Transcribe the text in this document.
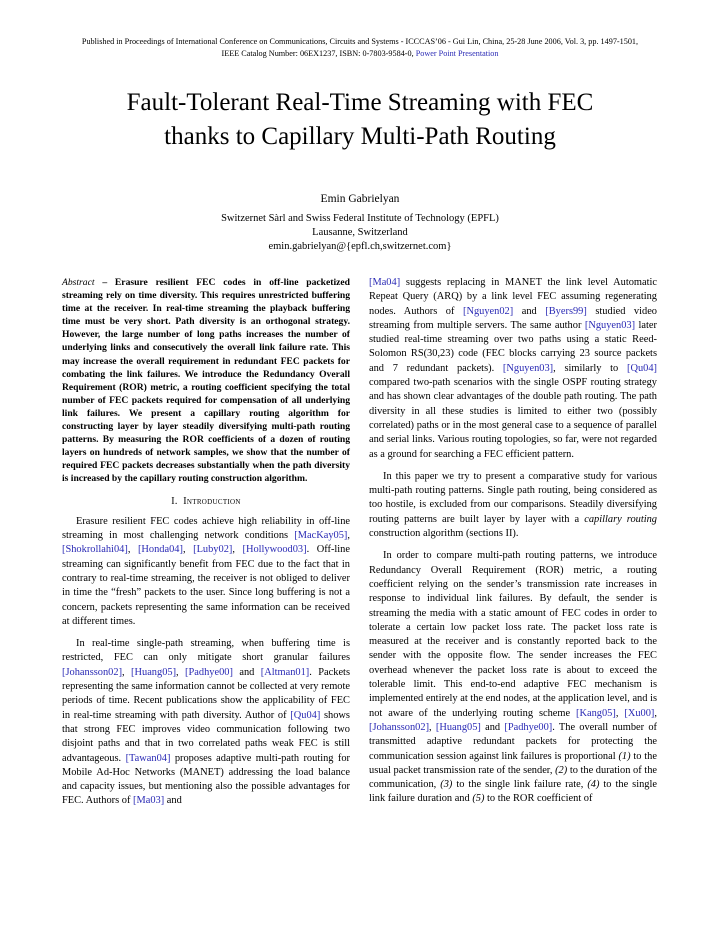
Published in Proceedings of International Conference on Communications, Circuits and Systems - ICCCAS’06 - Gui Lin, China, 25-28 June 2006, Vol. 3, pp. 1497-1501,
IEEE Catalog Number: 06EX1237, ISBN: 0-7803-9584-0, Power Point Presentation
Fault-Tolerant Real-Time Streaming with FEC
thanks to Capillary Multi-Path Routing
Emin Gabrielyan
Switzernet Sàrl and Swiss Federal Institute of Technology (EPFL)
Lausanne, Switzerland
emin.gabrielyan@{epfl.ch,switzernet.com}

Abstract – Erasure resilient FEC codes in off-line packetized streaming rely on time diversity. This requires unrestricted buffering time at the receiver. In real-time streaming the playback buffering time must be very short. Path diversity is an orthogonal strategy. However, the large number of long paths increases the number of underlying links and consecutively the overall link failure rate. This may increase the overall requirement in redundant FEC packets for combating the link failures. We introduce the Redundancy Overall Requirement (ROR) metric, a routing coefficient specifying the total number of FEC packets required for compensation of all underlying link failures. We present a capillary routing algorithm for constructing layer by layer steadily diversifying multi-path routing patterns. By measuring the ROR coefficients of a dozen of routing layers on hundreds of network samples, we show that the number of required FEC packets decreases substantially when the path diversity is increased by the capillary routing construction algorithm.

I. Introduction

Erasure resilient FEC codes achieve high reliability in off-line streaming in most challenging network conditions [MacKay05], [Shokrollahi04], [Honda04], [Luby02], [Hollywood03]. Off-line streaming can significantly benefit from FEC due to the fact that in contrary to real-time streaming, the receiver is not obliged to deliver in time the “fresh” packets to the user. Since long buffering is not a concern, packets representing the same information can be received at different times.

In real-time single-path streaming, when buffering time is restricted, FEC can only mitigate short granular failures [Johansson02], [Huang05], [Padhye00] and [Altman01]. Packets representing the same information cannot be collected at very remote periods of time. Recent publications show the applicability of FEC in real-time streaming with path diversity. Author of [Qu04] shows that strong FEC improves video communication following two disjoint paths and that in two correlated paths weak FEC is still advantageous. [Tawan04] proposes adaptive multi-path routing for Mobile Ad-Hoc Networks (MANET) addressing the load balance and capacity issues, but mentioning also the possible advantages for FEC. Authors of [Ma03] and

[Ma04] suggests replacing in MANET the link level Automatic Repeat Query (ARQ) by a link level FEC assuming regenerating nodes. Authors of [Nguyen02] and [Byers99] studied video streaming from multiple servers. The same author [Nguyen03] later studied real-time streaming over two paths using a static Reed-Solomon RS(30,23) code (FEC blocks carrying 23 source packets and 7 redundant packets). [Nguyen03], similarly to [Qu04] compared two-path scenarios with the single OSPF routing strategy and has shown clear advantages of the double path routing. The path diversity in all these studies is limited to either two (possibly correlated) paths or in the most general case to a sequence of parallel and serial links. Various routing topologies, so far, were not regarded as a ground for searching a FEC efficient pattern.

In this paper we try to present a comparative study for various multi-path routing patterns. Single path routing, being considered as too hostile, is excluded from our comparisons. Steadily diversifying routing patterns are built layer by layer with a capillary routing construction algorithm (sections II).

In order to compare multi-path routing patterns, we introduce Redundancy Overall Requirement (ROR) metric, a routing coefficient relying on the sender’s transmission rate increases in response to individual link failures. By default, the sender is streaming the media with a static amount of FEC codes in order to tolerate a certain low packet loss rate. The packet loss rate is measured at the receiver and is constantly reported back to the sender with the opposite flow. The sender increases the FEC overhead whenever the packet loss rate is about to exceed the tolerable limit. This end-to-end adaptive FEC mechanism is implemented entirely at the end nodes, at the application level, and is not aware of the underlying routing scheme [Kang05], [Xu00], [Johansson02], [Huang05] and [Padhye00]. The overall number of transmitted adaptive redundant packets for protecting the communication session against link failures is proportional (1) to the usual packet transmission rate of the sender, (2) to the duration of the communication, (3) to the single link failure rate, (4) to the single link failure duration and (5) to the ROR coefficient of
